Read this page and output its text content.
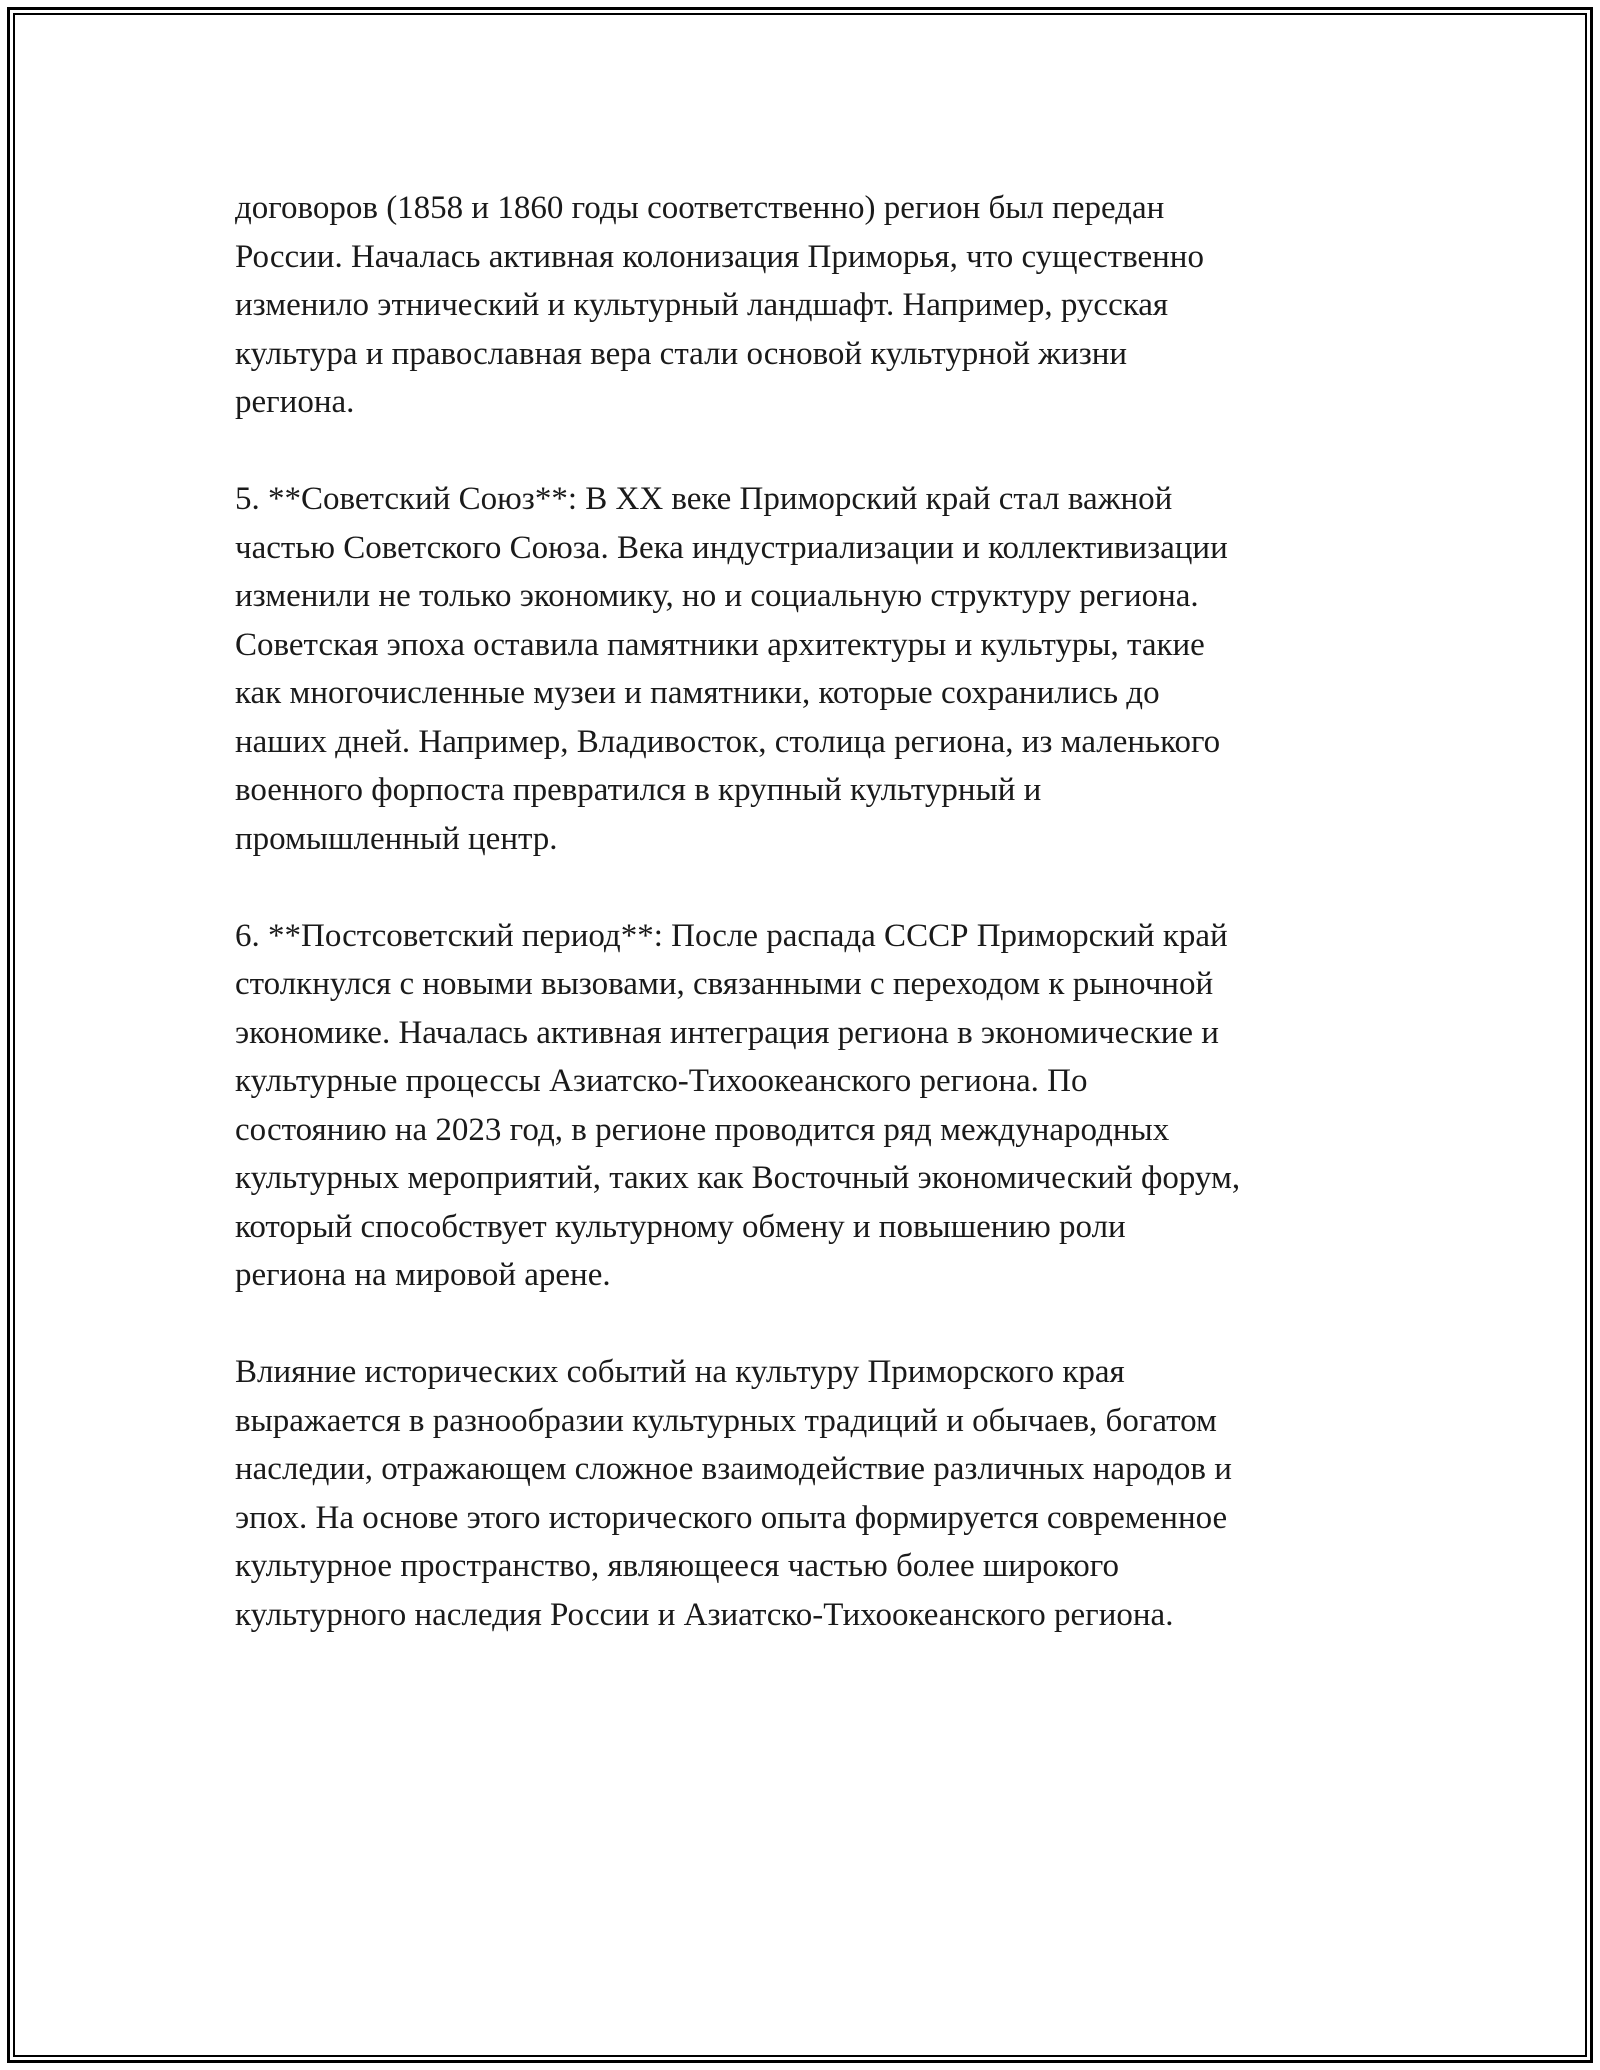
договоров (1858 и 1860 годы соответственно) регион был передан
России. Началась активная колонизация Приморья, что существенно
изменило этнический и культурный ландшафт. Например, русская
культура и православная вера стали основой культурной жизни
региона.
5. **Советский Союз**: В XX веке Приморский край стал важной
частью Советского Союза. Века индустриализации и коллективизации
изменили не только экономику, но и социальную структуру региона.
Советская эпоха оставила памятники архитектуры и культуры, такие
как многочисленные музеи и памятники, которые сохранились до
наших дней. Например, Владивосток, столица региона, из маленького
военного форпоста превратился в крупный культурный и
промышленный центр.
6. **Постсоветский период**: После распада СССР Приморский край
столкнулся с новыми вызовами, связанными с переходом к рыночной
экономике. Началась активная интеграция региона в экономические и
культурные процессы Азиатско-Тихоокеанского региона. По
состоянию на 2023 год, в регионе проводится ряд международных
культурных мероприятий, таких как Восточный экономический форум,
который способствует культурному обмену и повышению роли
региона на мировой арене.
Влияние исторических событий на культуру Приморского края
выражается в разнообразии культурных традиций и обычаев, богатом
наследии, отражающем сложное взаимодействие различных народов и
эпох. На основе этого исторического опыта формируется современное
культурное пространство, являющееся частью более широкого
культурного наследия России и Азиатско-Тихоокеанского региона.
